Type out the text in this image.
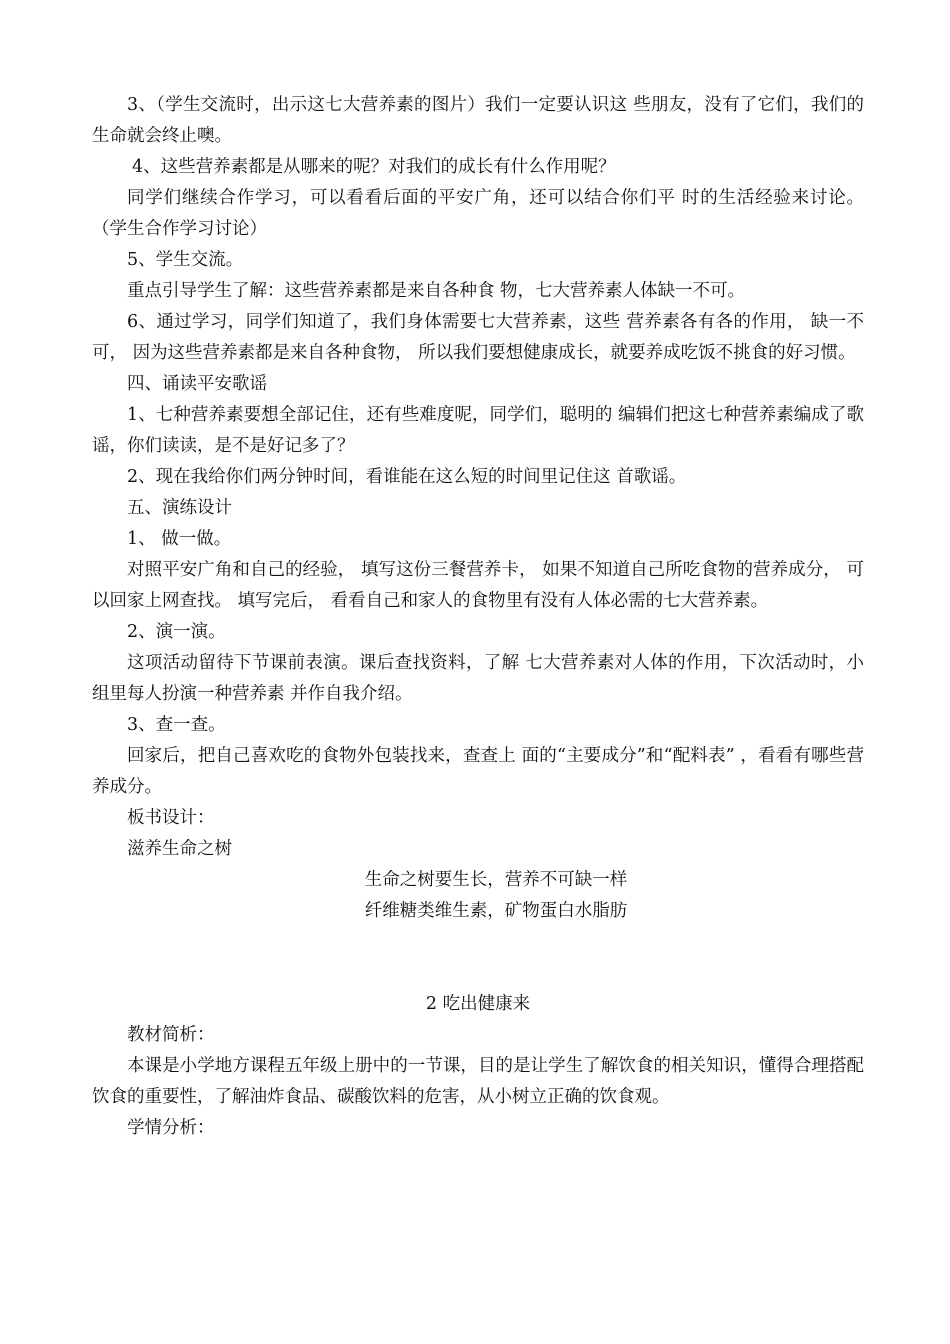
3、（学生交流时，出示这七大营养素的图片）我们一定要认识这 些朋友，没有了它们，我们的生命就会终止噢。

4、这些营养素都是从哪来的呢？对我们的成长有什么作用呢？

同学们继续合作学习，可以看看后面的平安广角，还可以结合你们平 时的生活经验来讨论。 （学生合作学习讨论）

5、学生交流。

重点引导学生了解：这些营养素都是来自各种食 物，七大营养素人体缺一不可。

6、通过学习，同学们知道了，我们身体需要七大营养素，这些 营养素各有各的作用， 缺一不可， 因为这些营养素都是来自各种食物， 所以我们要想健康成长，就要养成吃饭不挑食的好习惯。

四、诵读平安歌谣

1、七种营养素要想全部记住，还有些难度呢，同学们，聪明的 编辑们把这七种营养素编成了歌谣，你们读读，是不是好记多了？

2、现在我给你们两分钟时间，看谁能在这么短的时间里记住这 首歌谣。

五、演练设计

1、 做一做。

对照平安广角和自己的经验， 填写这份三餐营养卡， 如果不知道自己所吃食物的营养成分， 可以回家上网查找。 填写完后， 看看自己和家人的食物里有没有人体必需的七大营养素。

2、演一演。

这项活动留待下节课前表演。课后查找资料，了解 七大营养素对人体的作用，下次活动时，小组里每人扮演一种营养素 并作自我介绍。

3、查一查。

回家后，把自己喜欢吃的食物外包装找来，查查上 面的“主要成分”和“配料表” ，看看有哪些营养成分。

板书设计：

滋养生命之树

生命之树要生长，营养不可缺一样

纤维糖类维生素，矿物蛋白水脂肪

2 吃出健康来

教材简析：

本课是小学地方课程五年级上册中的一节课，目的是让学生了解饮食的相关知识，懂得合理搭配饮食的重要性，了解油炸食品、碳酸饮料的危害，从小树立正确的饮食观。

学情分析：
